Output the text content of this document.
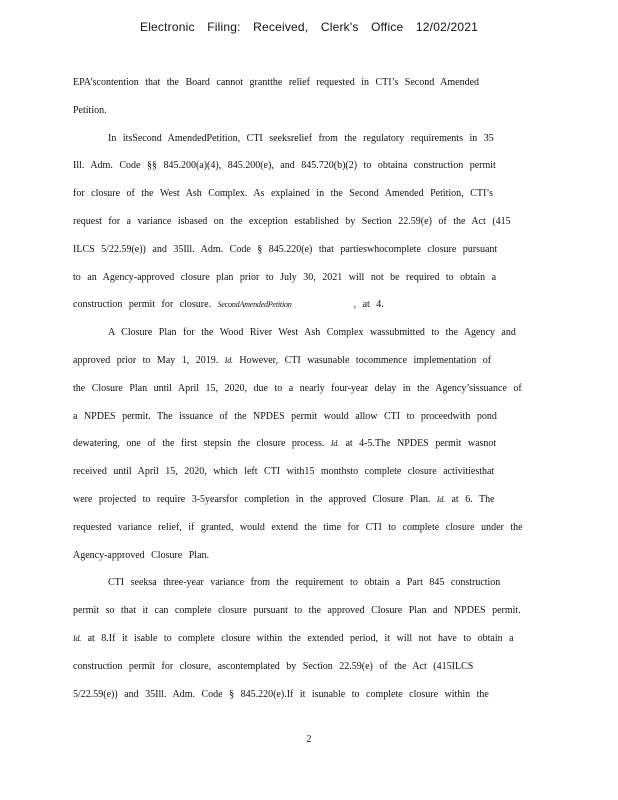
Electronic Filing: Received, Clerk's Office 12/02/2021
EPA’scontention that the Board cannot grantthe relief requested in CTI’s Second Amended
Petition.
In itsSecond AmendedPetition, CTI seeksrelief from the regulatory requirements in 35
Ill. Adm. Code §§ 845.200(a)(4), 845.200(e), and 845.720(b)(2) to obtaina construction permit
for closure of the West Ash Complex. As explained in the Second Amended Petition, CTI’s
request for a variance isbased on the exception established by Section 22.59(e) of the Act (415
ILCS 5/22.59(e)) and 35Ill. Adm. Code § 845.220(e) that partieswhocomplete closure pursuant
to an Agency-approved closure plan prior to July 30, 2021 will not be required to obtain a
construction permit for closure. SecondAmendedPetition	, at 4.
A Closure Plan for the Wood River West Ash Complex wassubmitted to the Agency and
approved prior to May 1, 2019. Id. However, CTI wasunable tocommence implementation of
the Closure Plan until April 15, 2020, due to a nearly four-year delay in the Agency’sissuance of
a NPDES permit. The issuance of the NPDES permit would allow CTI to proceedwith pond
dewatering, one of the first stepsin the closure process. Id. at 4-5.The NPDES permit wasnot
received until April 15, 2020, which left CTI with15 monthsto complete closure activitiesthat
were projected to require 3-5yearsfor completion in the approved Closure Plan. Id. at 6. The
requested variance relief, if granted, would extend the time for CTI to complete closure under the
Agency-approved Closure Plan.
CTI seeksa three-year variance from the requirement to obtain a Part 845 construction
permit so that it can complete closure pursuant to the approved Closure Plan and NPDES permit.
Id. at 8.If it isable to complete closure within the extended period, it will not have to obtain a
construction permit for closure, ascontemplated by Section 22.59(e) of the Act (415ILCS
5/22.59(e)) and 35Ill. Adm. Code § 845.220(e).If it isunable to complete closure within the
2
